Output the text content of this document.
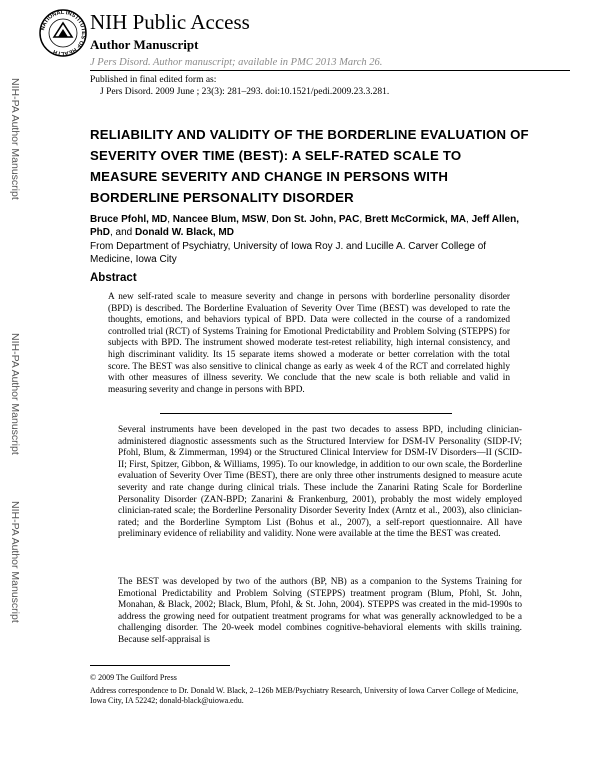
NATIONAL INSTITUTES OF HEALTH
NIH Public Access
Author Manuscript
J Pers Disord. Author manuscript; available in PMC 2013 March 26.
Published in final edited form as:
J Pers Disord. 2009 June ; 23(3): 281–293. doi:10.1521/pedi.2009.23.3.281.
NIH-PA Author Manuscript
NIH-PA Author Manuscript
NIH-PA Author Manuscript
RELIABILITY AND VALIDITY OF THE BORDERLINE EVALUATION OF SEVERITY OVER TIME (BEST): A SELF-RATED SCALE TO MEASURE SEVERITY AND CHANGE IN PERSONS WITH BORDERLINE PERSONALITY DISORDER
Bruce Pfohl, MD, Nancee Blum, MSW, Don St. John, PAC, Brett McCormick, MA, Jeff Allen, PhD, and Donald W. Black, MD
From Department of Psychiatry, University of Iowa Roy J. and Lucille A. Carver College of Medicine, Iowa City
Abstract
A new self-rated scale to measure severity and change in persons with borderline personality disorder (BPD) is described. The Borderline Evaluation of Severity Over Time (BEST) was developed to rate the thoughts, emotions, and behaviors typical of BPD. Data were collected in the course of a randomized controlled trial (RCT) of Systems Training for Emotional Predictability and Problem Solving (STEPPS) for subjects with BPD. The instrument showed moderate test-retest reliability, high internal consistency, and high discriminant validity. Its 15 separate items showed a moderate or better correlation with the total score. The BEST was also sensitive to clinical change as early as week 4 of the RCT and correlated highly with other measures of illness severity. We conclude that the new scale is both reliable and valid in measuring severity and change in persons with BPD.
Several instruments have been developed in the past two decades to assess BPD, including clinician-administered diagnostic assessments such as the Structured Interview for DSM-IV Personality (SIDP-IV; Pfohl, Blum, & Zimmerman, 1994) or the Structured Clinical Interview for DSM-IV Disorders—II (SCID-II; First, Spitzer, Gibbon, & Williams, 1995). To our knowledge, in addition to our own scale, the Borderline evaluation of Severity Over Time (BEST), there are only three other instruments designed to measure acute severity and rate change during clinical trials. These include the Zanarini Rating Scale for Borderline Personality Disorder (ZAN-BPD; Zanarini & Frankenburg, 2001), probably the most widely employed clinician-rated scale; the Borderline Personality Disorder Severity Index (Arntz et al., 2003), also clinician-rated; and the Borderline Symptom List (Bohus et al., 2007), a self-report questionnaire. All have preliminary evidence of reliability and validity. None were available at the time the BEST was created.
The BEST was developed by two of the authors (BP, NB) as a companion to the Systems Training for Emotional Predictability and Problem Solving (STEPPS) treatment program (Blum, Pfohl, St. John, Monahan, & Black, 2002; Black, Blum, Pfohl, & St. John, 2004). STEPPS was created in the mid-1990s to address the growing need for outpatient treatment programs for what was generally acknowledged to be a challenging disorder. The 20-week model combines cognitive-behavioral elements with skills training. Because self-appraisal is
© 2009 The Guilford Press
Address correspondence to Dr. Donald W. Black, 2–126b MEB/Psychiatry Research, University of Iowa Carver College of Medicine, Iowa City, IA 52242; donald-black@uiowa.edu.
